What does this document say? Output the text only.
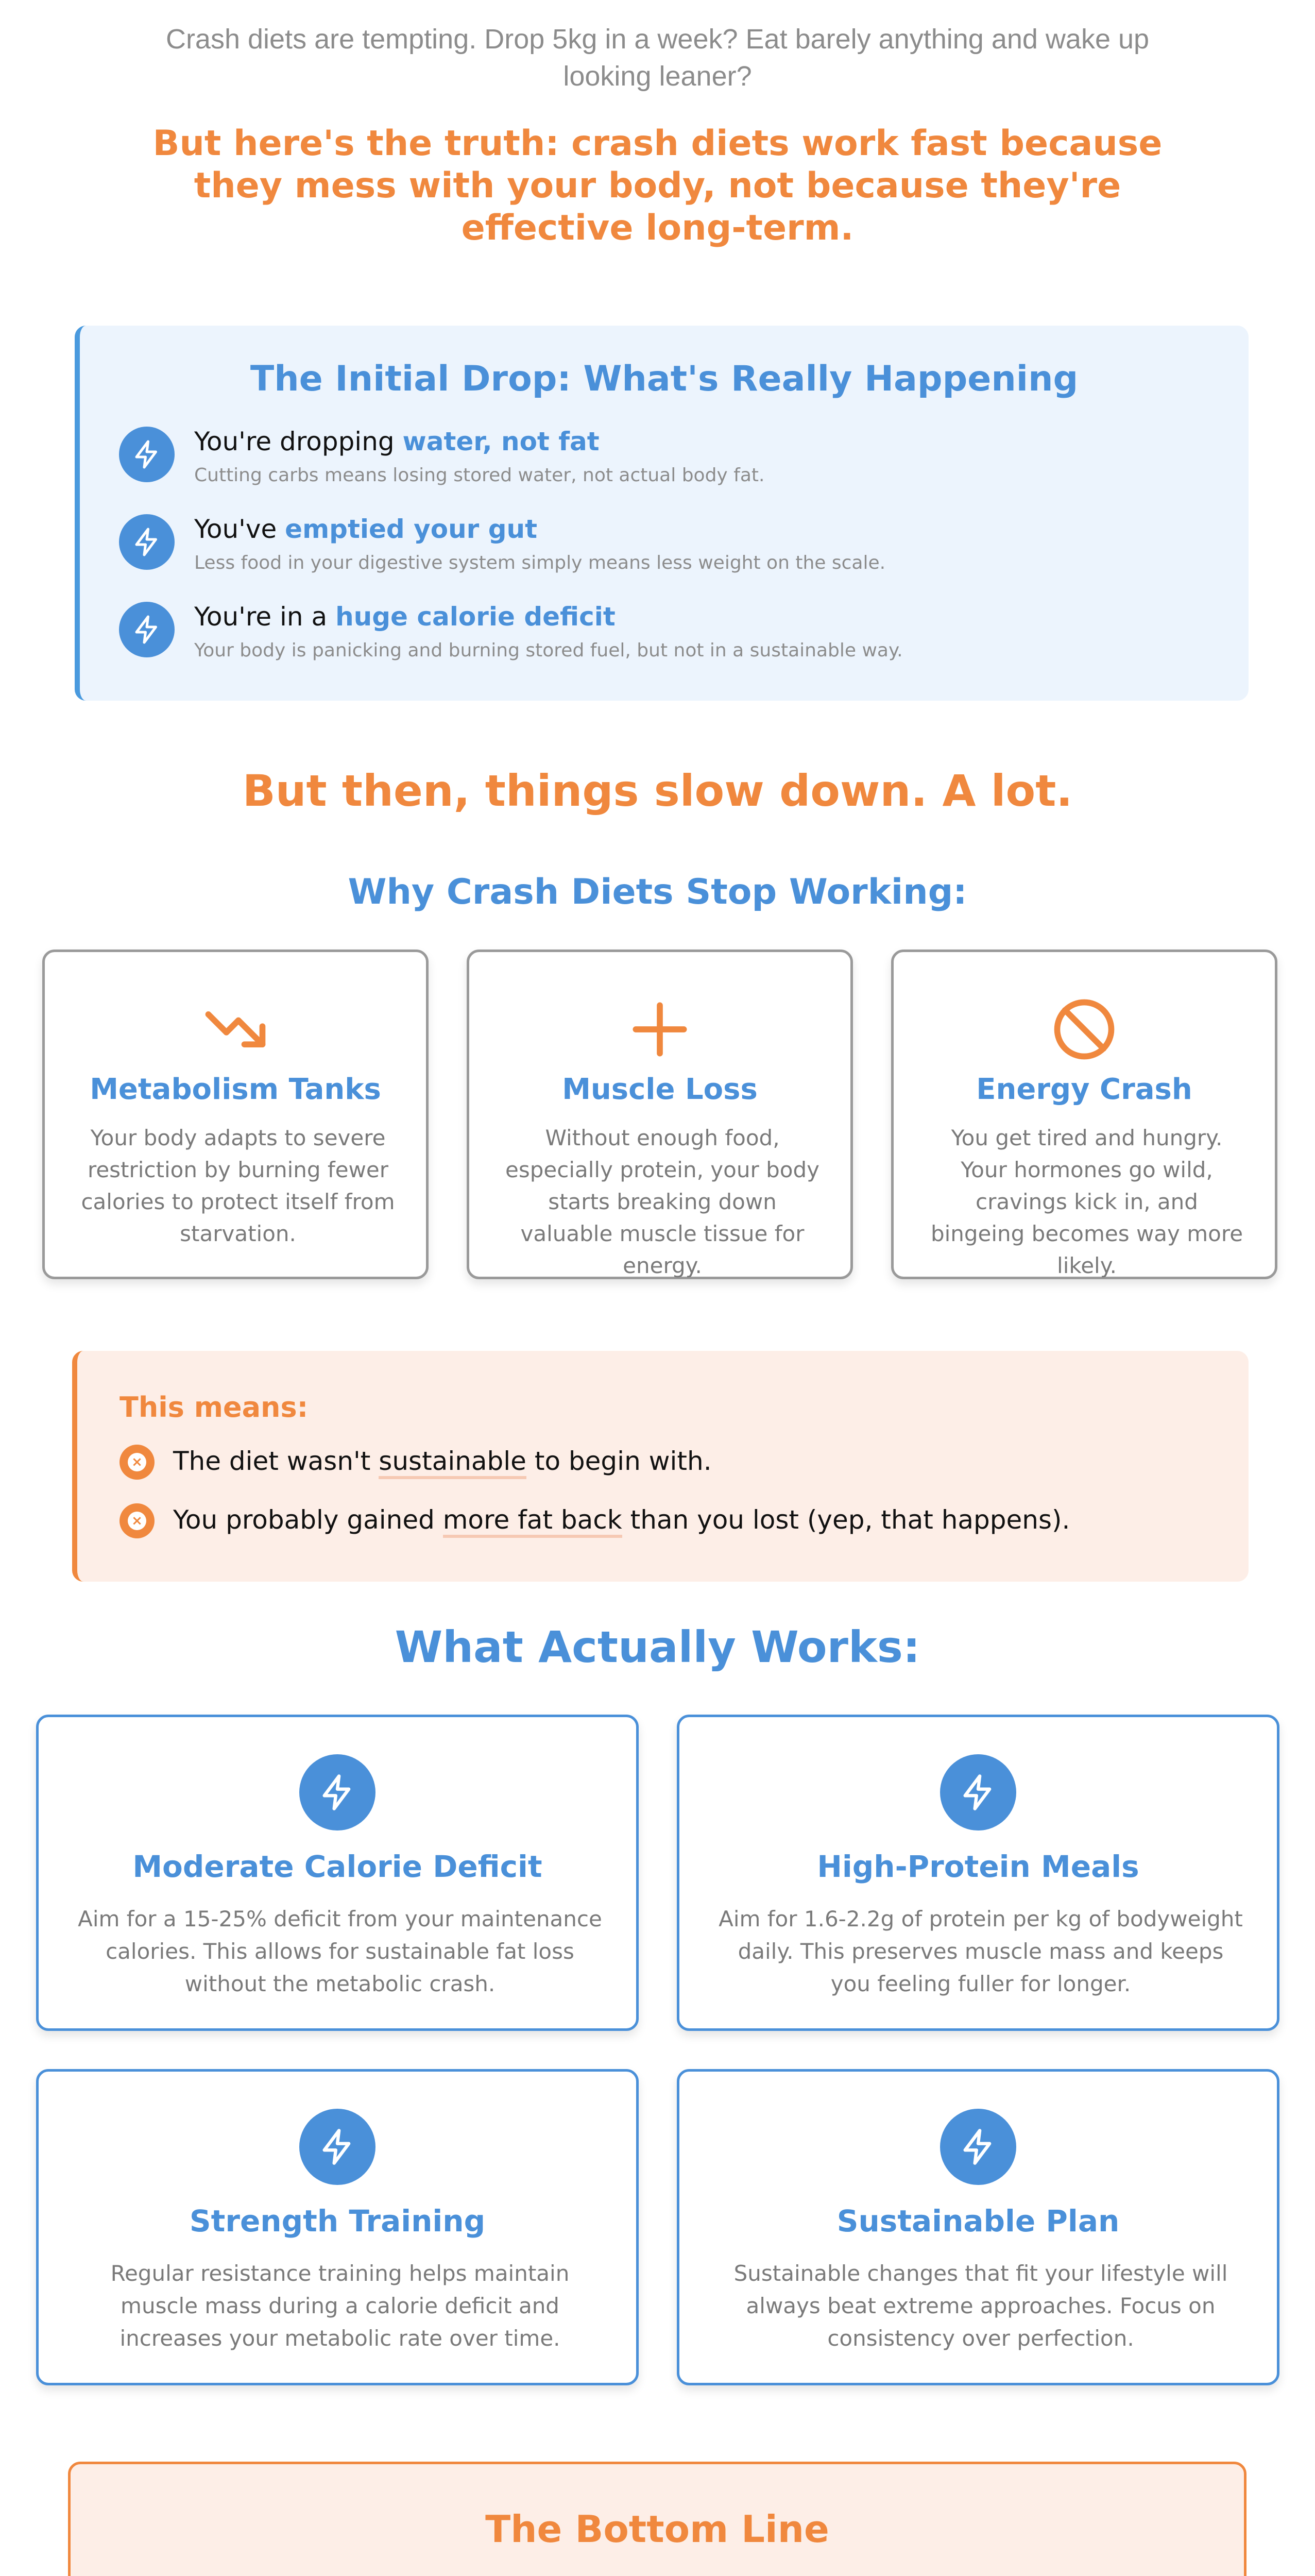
Crash diets are tempting. Drop 5kg in a week? Eat barely anything and wake up looking leaner?
But here's the truth: crash diets work fast because they mess with your body, not because they're effective long-term.
The Initial Drop: What's Really Happening
You're dropping water, not fat
Cutting carbs means losing stored water, not actual body fat.
You've emptied your gut
Less food in your digestive system simply means less weight on the scale.
You're in a huge calorie deficit
Your body is panicking and burning stored fuel, but not in a sustainable way.
But then, things slow down. A lot.
Why Crash Diets Stop Working:
Metabolism Tanks
Your body adapts to severe restriction by burning fewer calories to protect itself from starvation.
Muscle Loss
Without enough food, especially protein, your body starts breaking down valuable muscle tissue for energy.
Energy Crash
You get tired and hungry. Your hormones go wild, cravings kick in, and bingeing becomes way more likely.
This means:
× The diet wasn't sustainable to begin with.
× You probably gained more fat back than you lost (yep, that happens).
What Actually Works:
Moderate Calorie Deficit
Aim for a 15-25% deficit from your maintenance calories. This allows for sustainable fat loss without the metabolic crash.
High-Protein Meals
Aim for 1.6-2.2g of protein per kg of bodyweight daily. This preserves muscle mass and keeps you feeling fuller for longer.
Strength Training
Regular resistance training helps maintain muscle mass during a calorie deficit and increases your metabolic rate over time.
Sustainable Plan
Sustainable changes that fit your lifestyle will always beat extreme approaches. Focus on consistency over perfection.
The Bottom Line
